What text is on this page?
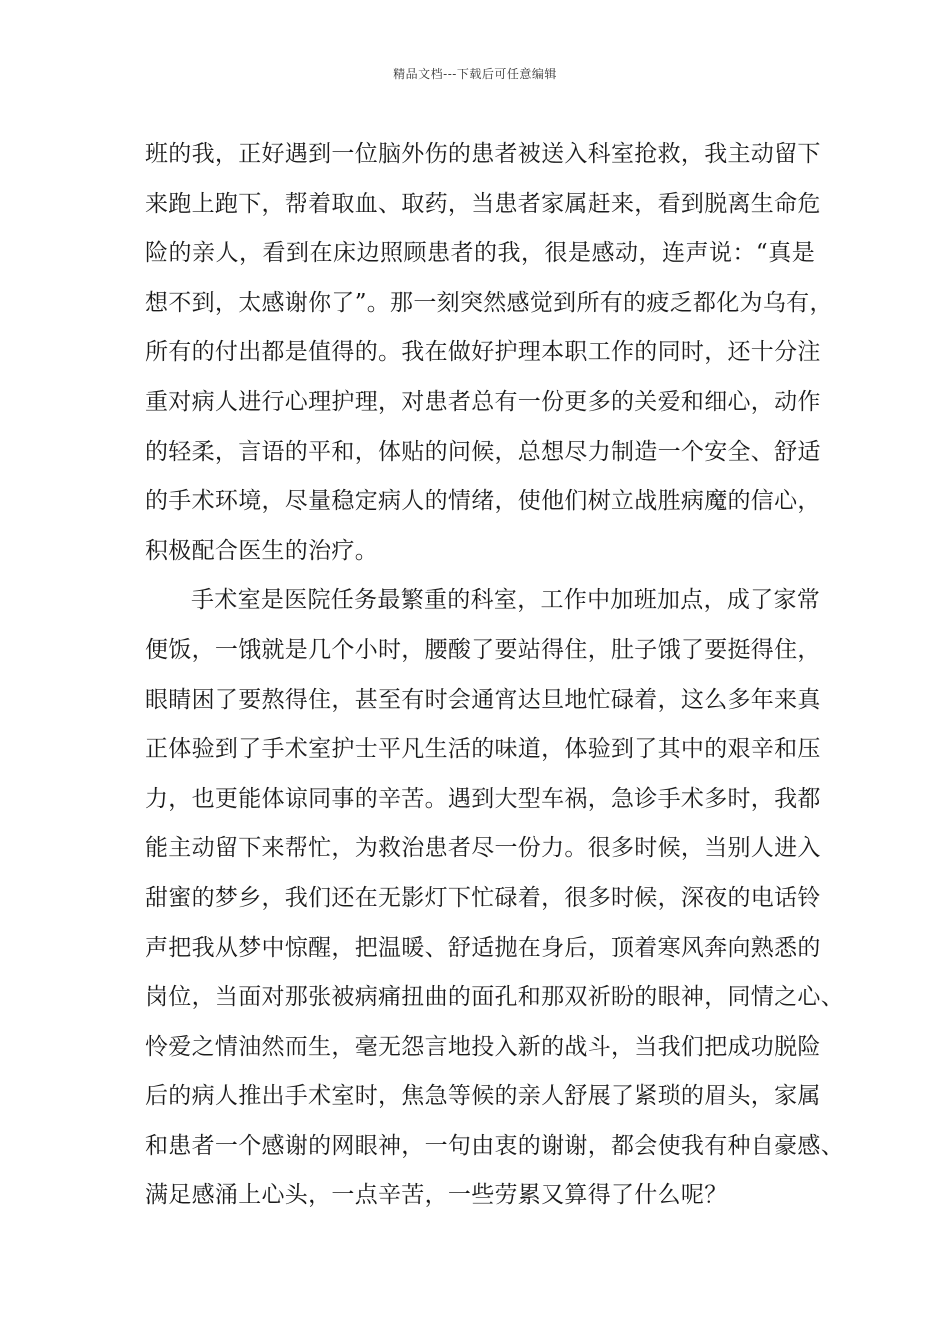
精品文档---下载后可任意编辑
班的我，正好遇到一位脑外伤的患者被送入科室抢救，我主动留下
来跑上跑下，帮着取血、取药，当患者家属赶来，看到脱离生命危
险的亲人，看到在床边照顾患者的我，很是感动，连声说：“真是
想不到，太感谢你了”。那一刻突然感觉到所有的疲乏都化为乌有，
所有的付出都是值得的。我在做好护理本职工作的同时，还十分注
重对病人进行心理护理，对患者总有一份更多的关爱和细心，动作
的轻柔，言语的平和，体贴的问候，总想尽力制造一个安全、舒适
的手术环境，尽量稳定病人的情绪，使他们树立战胜病魔的信心，
积极配合医生的治疗。
手术室是医院任务最繁重的科室，工作中加班加点，成了家常
便饭，一饿就是几个小时，腰酸了要站得住，肚子饿了要挺得住，
眼睛困了要熬得住，甚至有时会通宵达旦地忙碌着，这么多年来真
正体验到了手术室护士平凡生活的味道，体验到了其中的艰辛和压
力，也更能体谅同事的辛苦。遇到大型车祸，急诊手术多时，我都
能主动留下来帮忙，为救治患者尽一份力。很多时候，当别人进入
甜蜜的梦乡，我们还在无影灯下忙碌着，很多时候，深夜的电话铃
声把我从梦中惊醒，把温暖、舒适抛在身后，顶着寒风奔向熟悉的
岗位，当面对那张被病痛扭曲的面孔和那双祈盼的眼神，同情之心、
怜爱之情油然而生，毫无怨言地投入新的战斗，当我们把成功脱险
后的病人推出手术室时，焦急等候的亲人舒展了紧琐的眉头，家属
和患者一个感谢的网眼神，一句由衷的谢谢，都会使我有种自豪感、
满足感涌上心头，一点辛苦，一些劳累又算得了什么呢？
